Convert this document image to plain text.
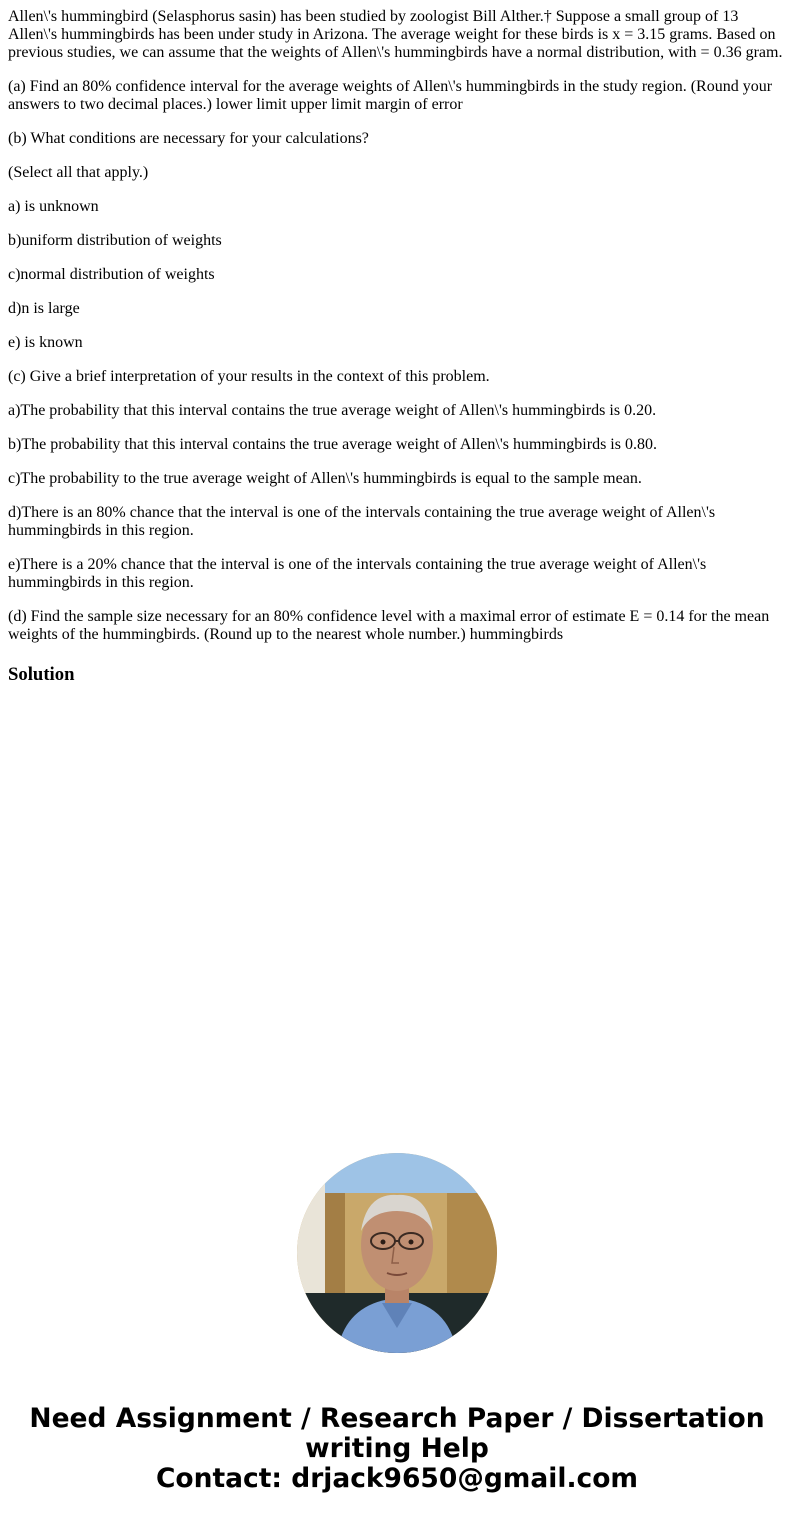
Allen\'s hummingbird (Selasphorus sasin) has been studied by zoologist Bill Alther.† Suppose a small group of 13 Allen\'s hummingbirds has been under study in Arizona. The average weight for these birds is x = 3.15 grams. Based on previous studies, we can assume that the weights of Allen\'s hummingbirds have a normal distribution, with = 0.36 gram.

(a) Find an 80% confidence interval for the average weights of Allen\'s hummingbirds in the study region. (Round your answers to two decimal places.) lower limit upper limit margin of error

(b) What conditions are necessary for your calculations?

(Select all that apply.)

a) is unknown

b)uniform distribution of weights

c)normal distribution of weights

d)n is large

e) is known

(c) Give a brief interpretation of your results in the context of this problem.

a)The probability that this interval contains the true average weight of Allen\'s hummingbirds is 0.20.

b)The probability that this interval contains the true average weight of Allen\'s hummingbirds is 0.80.

c)The probability to the true average weight of Allen\'s hummingbirds is equal to the sample mean.

d)There is an 80% chance that the interval is one of the intervals containing the true average weight of Allen\'s hummingbirds in this region.

e)There is a 20% chance that the interval is one of the intervals containing the true average weight of Allen\'s hummingbirds in this region.

(d) Find the sample size necessary for an 80% confidence level with a maximal error of estimate E = 0.14 for the mean weights of the hummingbirds. (Round up to the nearest whole number.) hummingbirds

Solution
Need Assignment / Research Paper / Dissertation
writing Help
Contact: drjack9650@gmail.com
